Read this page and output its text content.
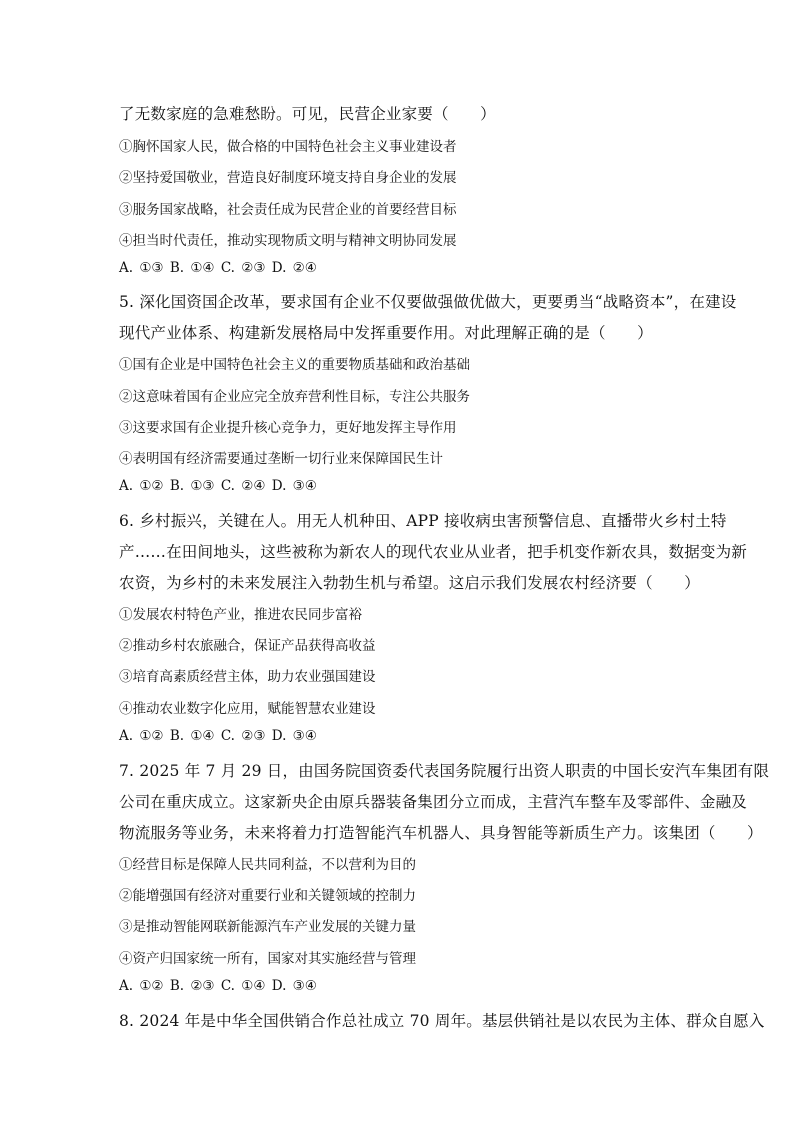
了无数家庭的急难愁盼。可见，民营企业家要（　　）
①胸怀国家人民，做合格的中国特色社会主义事业建设者
②坚持爱国敬业，营造良好制度环境支持自身企业的发展
③服务国家战略，社会责任成为民营企业的首要经营目标
④担当时代责任，推动实现物质文明与精神文明协同发展
A. ①③ B. ①④ C. ②③ D. ②④
5. 深化国资国企改革，要求国有企业不仅要做强做优做大，更要勇当“战略资本”，在建设
现代产业体系、构建新发展格局中发挥重要作用。对此理解正确的是（　　）
①国有企业是中国特色社会主义的重要物质基础和政治基础
②这意味着国有企业应完全放弃营利性目标，专注公共服务
③这要求国有企业提升核心竞争力，更好地发挥主导作用
④表明国有经济需要通过垄断一切行业来保障国民生计
A. ①② B. ①③ C. ②④ D. ③④
6. 乡村振兴，关键在人。用无人机种田、APP 接收病虫害预警信息、直播带火乡村土特
产……在田间地头，这些被称为新农人的现代农业从业者，把手机变作新农具，数据变为新
农资，为乡村的未来发展注入勃勃生机与希望。这启示我们发展农村经济要（　　）
①发展农村特色产业，推进农民同步富裕
②推动乡村农旅融合，保证产品获得高收益
③培育高素质经营主体，助力农业强国建设
④推动农业数字化应用，赋能智慧农业建设
A. ①② B. ①④ C. ②③ D. ③④
7. 2025 年 7 月 29 日，由国务院国资委代表国务院履行出资人职责的中国长安汽车集团有限
公司在重庆成立。这家新央企由原兵器装备集团分立而成，主营汽车整车及零部件、金融及
物流服务等业务，未来将着力打造智能汽车机器人、具身智能等新质生产力。该集团（　　）
①经营目标是保障人民共同利益，不以营利为目的
②能增强国有经济对重要行业和关键领域的控制力
③是推动智能网联新能源汽车产业发展的关键力量
④资产归国家统一所有，国家对其实施经营与管理
A. ①② B. ②③ C. ①④ D. ③④
8. 2024 年是中华全国供销合作总社成立 70 周年。基层供销社是以农民为主体、群众自愿入
